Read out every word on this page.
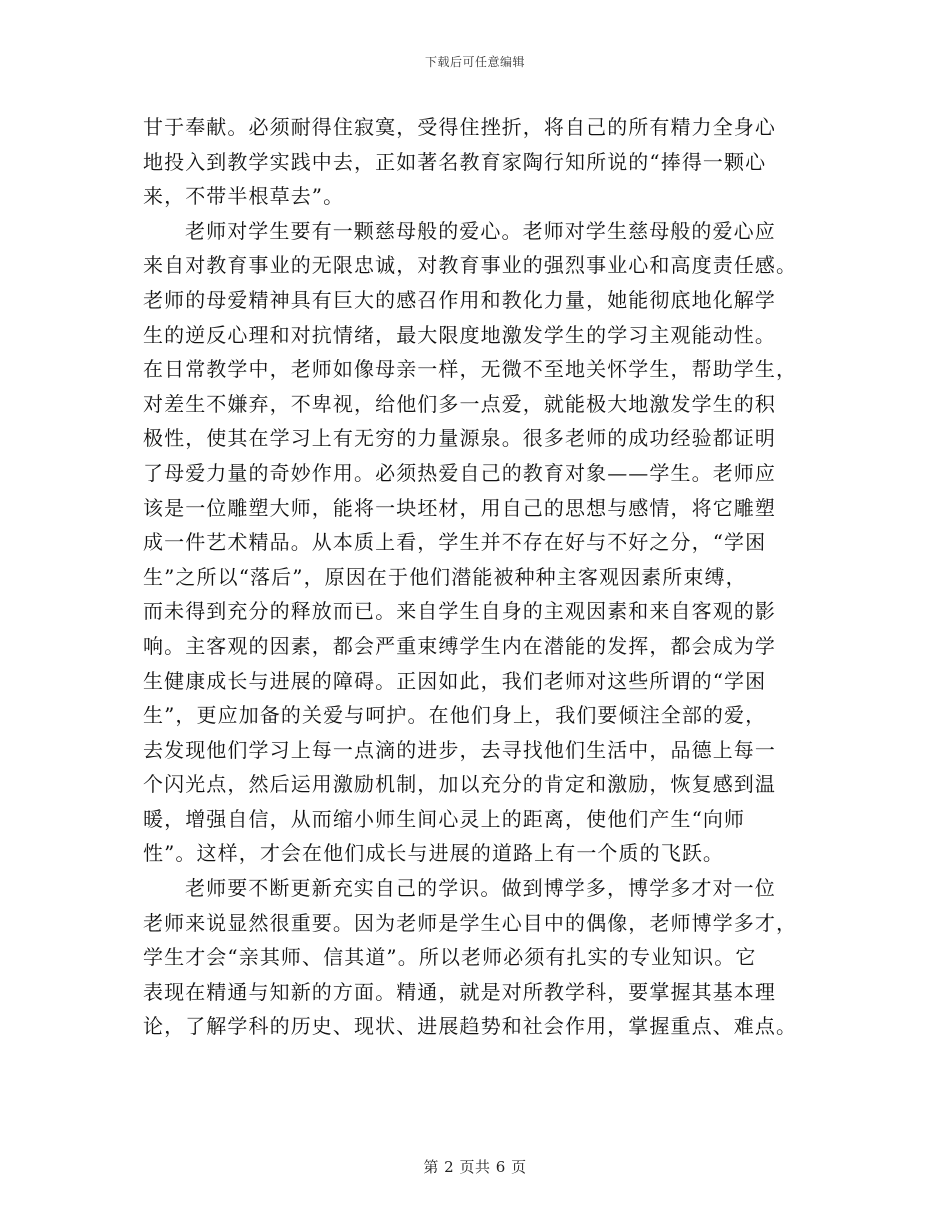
下载后可任意编辑
甘于奉献。必须耐得住寂寞，受得住挫折，将自己的所有精力全身心
地投入到教学实践中去，正如著名教育家陶行知所说的“捧得一颗心
来，不带半根草去”。
老师对学生要有一颗慈母般的爱心。老师对学生慈母般的爱心应
来自对教育事业的无限忠诚，对教育事业的强烈事业心和高度责任感。
老师的母爱精神具有巨大的感召作用和教化力量，她能彻底地化解学
生的逆反心理和对抗情绪，最大限度地激发学生的学习主观能动性。
在日常教学中，老师如像母亲一样，无微不至地关怀学生，帮助学生，
对差生不嫌弃，不卑视，给他们多一点爱，就能极大地激发学生的积
极性，使其在学习上有无穷的力量源泉。很多老师的成功经验都证明
了母爱力量的奇妙作用。必须热爱自己的教育对象——学生。老师应
该是一位雕塑大师，能将一块坯材，用自己的思想与感情，将它雕塑
成一件艺术精品。从本质上看，学生并不存在好与不好之分，“学困
生”之所以“落后”，原因在于他们潜能被种种主客观因素所束缚，
而未得到充分的释放而已。来自学生自身的主观因素和来自客观的影
响。主客观的因素，都会严重束缚学生内在潜能的发挥，都会成为学
生健康成长与进展的障碍。正因如此，我们老师对这些所谓的“学困
生”，更应加备的关爱与呵护。在他们身上，我们要倾注全部的爱，
去发现他们学习上每一点滴的进步，去寻找他们生活中，品德上每一
个闪光点，然后运用激励机制，加以充分的肯定和激励，恢复感到温
暖，增强自信，从而缩小师生间心灵上的距离，使他们产生“向师
性”。这样，才会在他们成长与进展的道路上有一个质的飞跃。
老师要不断更新充实自己的学识。做到博学多，博学多才对一位
老师来说显然很重要。因为老师是学生心目中的偶像，老师博学多才，
学生才会“亲其师、信其道”。所以老师必须有扎实的专业知识。它
表现在精通与知新的方面。精通，就是对所教学科，要掌握其基本理
论，了解学科的历史、现状、进展趋势和社会作用，掌握重点、难点。
第 2 页共 6 页
